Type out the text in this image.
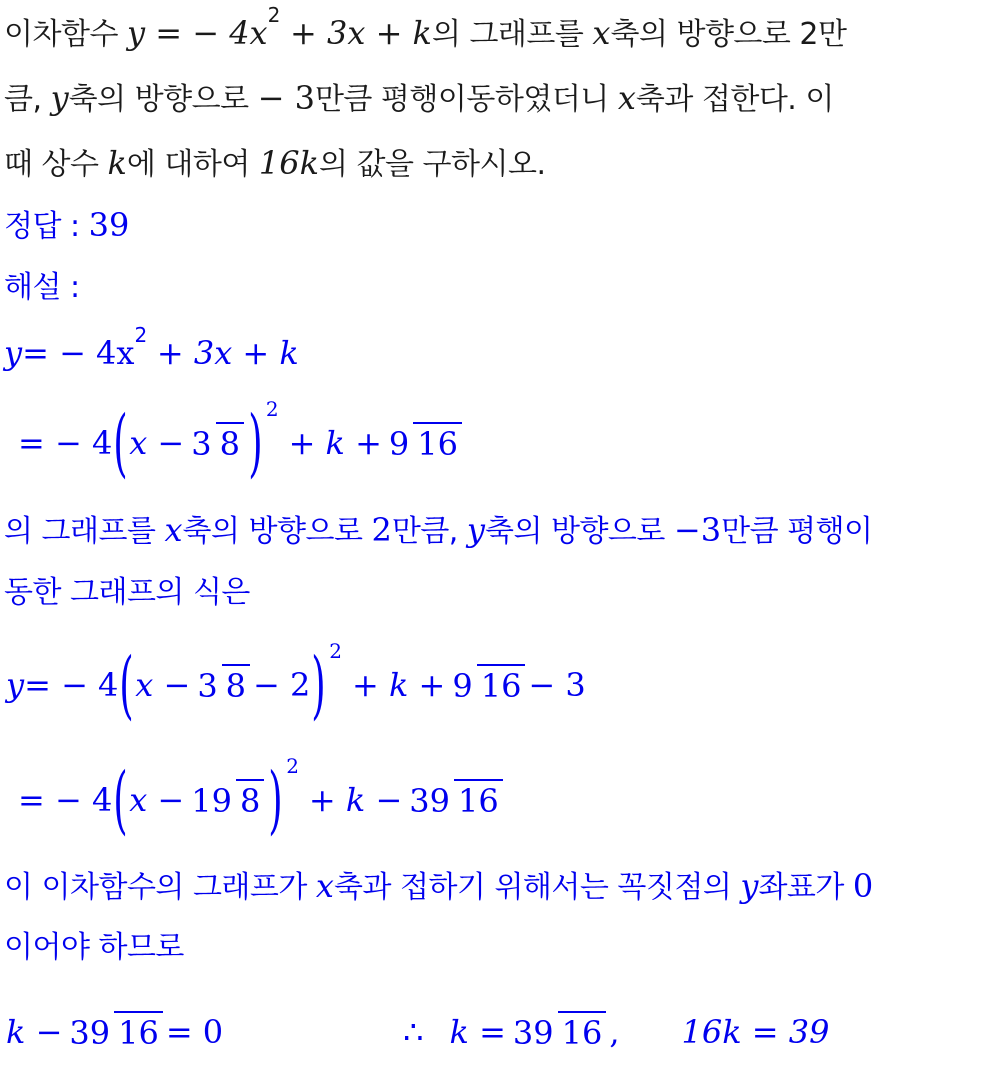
이차함수 y = − $4x^2 + 3x + k$의 그래프를 x축의 방향으로 2만
큼, y축의 방향으로 − 3만큼 평행이동하였더니 x축과 접한다. 이
때 상수 k에 대하여 16k의 값을 구하시오.
정답 : 39
해설 :
$y= - 4x^2 + 3x + k$
= − 4 ( x − 3 8 ) 2
+ k + 9 16
의 그래프를 x축의 방향으로 2만큼, y축의 방향으로 −3만큼 평행이
동한 그래프의 식은
y = − 4 ( x − 3 8 − 2 ) 2
+ k + 9 16 − 3
= − 4 ( x − 19 8 ) 2
+ k − 39 16
이 이차함수의 그래프가 x축과 접하기 위해서는 꼭짓점의 y좌표가 0
이어야 하므로
k − 39 16 = 0	∴ k = 39 16 , 16k = 39
